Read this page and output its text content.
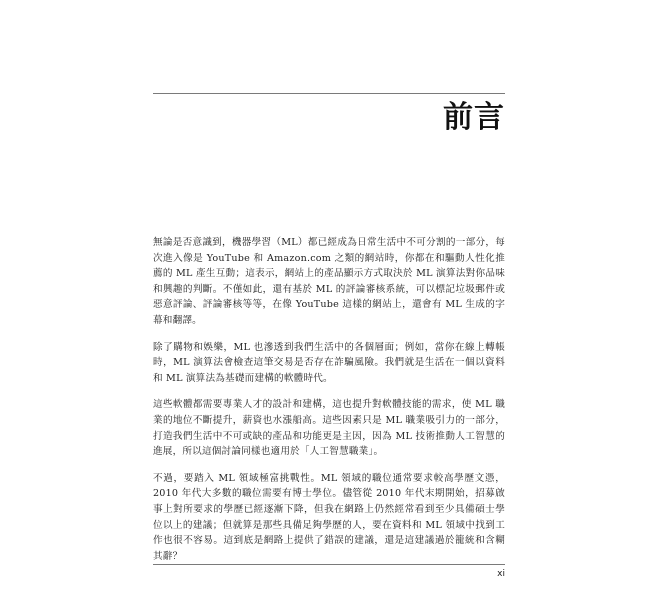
前言

無論是否意識到，機器學習（ML）都已經成為日常生活中不可分割的一部分，每次進入像是 YouTube 和 Amazon.com 之類的網站時，你都在和驅動人性化推薦的 ML 產生互動；這表示，網站上的產品顯示方式取決於 ML 演算法對你品味和興趣的判斷。不僅如此，還有基於 ML 的評論審核系統，可以標記垃圾郵件或惡意評論、評論審核等等，在像 YouTube 這樣的網站上，還會有 ML 生成的字幕和翻譯。

除了購物和娛樂，ML 也滲透到我們生活中的各個層面；例如，當你在線上轉帳時，ML 演算法會檢查這筆交易是否存在詐騙風險。我們就是生活在一個以資料和 ML 演算法為基礎而建構的軟體時代。

這些軟體都需要專業人才的設計和建構，這也提升對軟體技能的需求，使 ML 職業的地位不斷提升，薪資也水漲船高。這些因素只是 ML 職業吸引力的一部分，打造我們生活中不可或缺的產品和功能更是主因，因為 ML 技術推動人工智慧的進展，所以這個討論同樣也適用於「人工智慧職業」。

不過，要踏入 ML 領域極富挑戰性。ML 領域的職位通常要求較高學歷文憑，2010 年代大多數的職位需要有博士學位。儘管從 2010 年代末期開始，招募啟事上對所要求的學歷已經逐漸下降，但我在網路上仍然經常看到至少具備碩士學位以上的建議；但就算是那些具備足夠學歷的人，要在資料和 ML 領域中找到工作也很不容易。這到底是網路上提供了錯誤的建議，還是這建議過於籠統和含糊其辭？

xi
